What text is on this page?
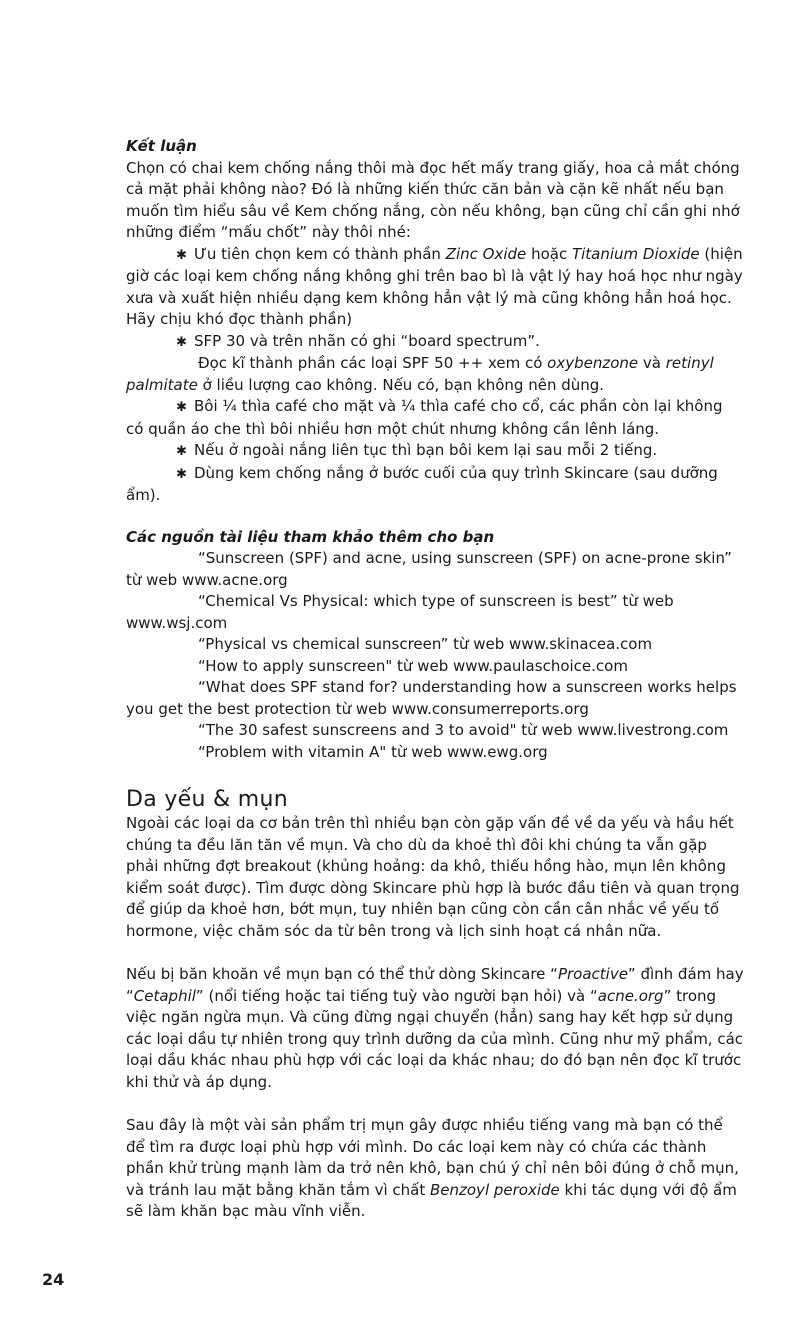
Kết luận

Chọn có chai kem chống nắng thôi mà đọc hết mấy trang giấy, hoa cả mắt chóng cả mặt phải không nào? Đó là những kiến thức căn bản và cặn kẽ nhất nếu bạn muốn tìm hiểu sâu về Kem chống nắng, còn nếu không, bạn cũng chỉ cần ghi nhớ những điểm “mấu chốt” này thôi nhé:

✱ Ưu tiên chọn kem có thành phần Zinc Oxide hoặc Titanium Dioxide (hiện giờ các loại kem chống nắng không ghi trên bao bì là vật lý hay hoá học như ngày xưa và xuất hiện nhiều dạng kem không hẳn vật lý mà cũng không hẳn hoá học. Hãy chịu khó đọc thành phần)

✱ SFP 30 và trên nhãn có ghi “board spectrum”.

Đọc kĩ thành phần các loại SPF 50 ++ xem có oxybenzone và retinyl palmitate ở liều lượng cao không. Nếu có, bạn không nên dùng.

✱ Bôi ¼ thìa café cho mặt và ¼ thìa café cho cổ, các phần còn lại không có quần áo che thì bôi nhiều hơn một chút nhưng không cần lênh láng.

✱ Nếu ở ngoài nắng liên tục thì bạn bôi kem lại sau mỗi 2 tiếng.

✱ Dùng kem chống nắng ở bước cuối của quy trình Skincare (sau dưỡng ẩm).

Các nguồn tài liệu tham khảo thêm cho bạn

“Sunscreen (SPF) and acne, using sunscreen (SPF) on acne-prone skin” từ web www.acne.org

“Chemical Vs Physical: which type of sunscreen is best” từ web www.wsj.com

“Physical vs chemical sunscreen” từ web www.skinacea.com

“How to apply sunscreen" từ web www.paulaschoice.com

“What does SPF stand for? understanding how a sunscreen works helps you get the best protection từ web www.consumerreports.org

“The 30 safest sunscreens and 3 to avoid" từ web www.livestrong.com

“Problem with vitamin A" từ web www.ewg.org

Da yếu & mụn

Ngoài các loại da cơ bản trên thì nhiều bạn còn gặp vấn đề về da yếu và hầu hết chúng ta đều lăn tăn về mụn. Và cho dù da khoẻ thì đôi khi chúng ta vẫn gặp phải những đợt breakout (khủng hoảng: da khô, thiếu hồng hào, mụn lên không kiểm soát được). Tìm được dòng Skincare phù hợp là bước đầu tiên và quan trọng để giúp da khoẻ hơn, bớt mụn, tuy nhiên bạn cũng còn cần cân nhắc về yếu tố hormone, việc chăm sóc da từ bên trong và lịch sinh hoạt cá nhân nữa.

Nếu bị băn khoăn về mụn bạn có thể thử dòng Skincare “Proactive” đình đám hay “Cetaphil” (nổi tiếng hoặc tai tiếng tuỳ vào người bạn hỏi) và “acne.org” trong việc ngăn ngừa mụn. Và cũng đừng ngại chuyển (hẳn) sang hay kết hợp sử dụng các loại dầu tự nhiên trong quy trình dưỡng da của mình. Cũng như mỹ phẩm, các loại dầu khác nhau phù hợp với các loại da khác nhau; do đó bạn nên đọc kĩ trước khi thử và áp dụng.

Sau đây là một vài sản phẩm trị mụn gây được nhiều tiếng vang mà bạn có thể để tìm ra được loại phù hợp với mình. Do các loại kem này có chứa các thành phần khử trùng mạnh làm da trở nên khô, bạn chú ý chỉ nên bôi đúng ở chỗ mụn, và tránh lau mặt bằng khăn tắm vì chất Benzoyl peroxide khi tác dụng với độ ẩm sẽ làm khăn bạc màu vĩnh viễn.

24
